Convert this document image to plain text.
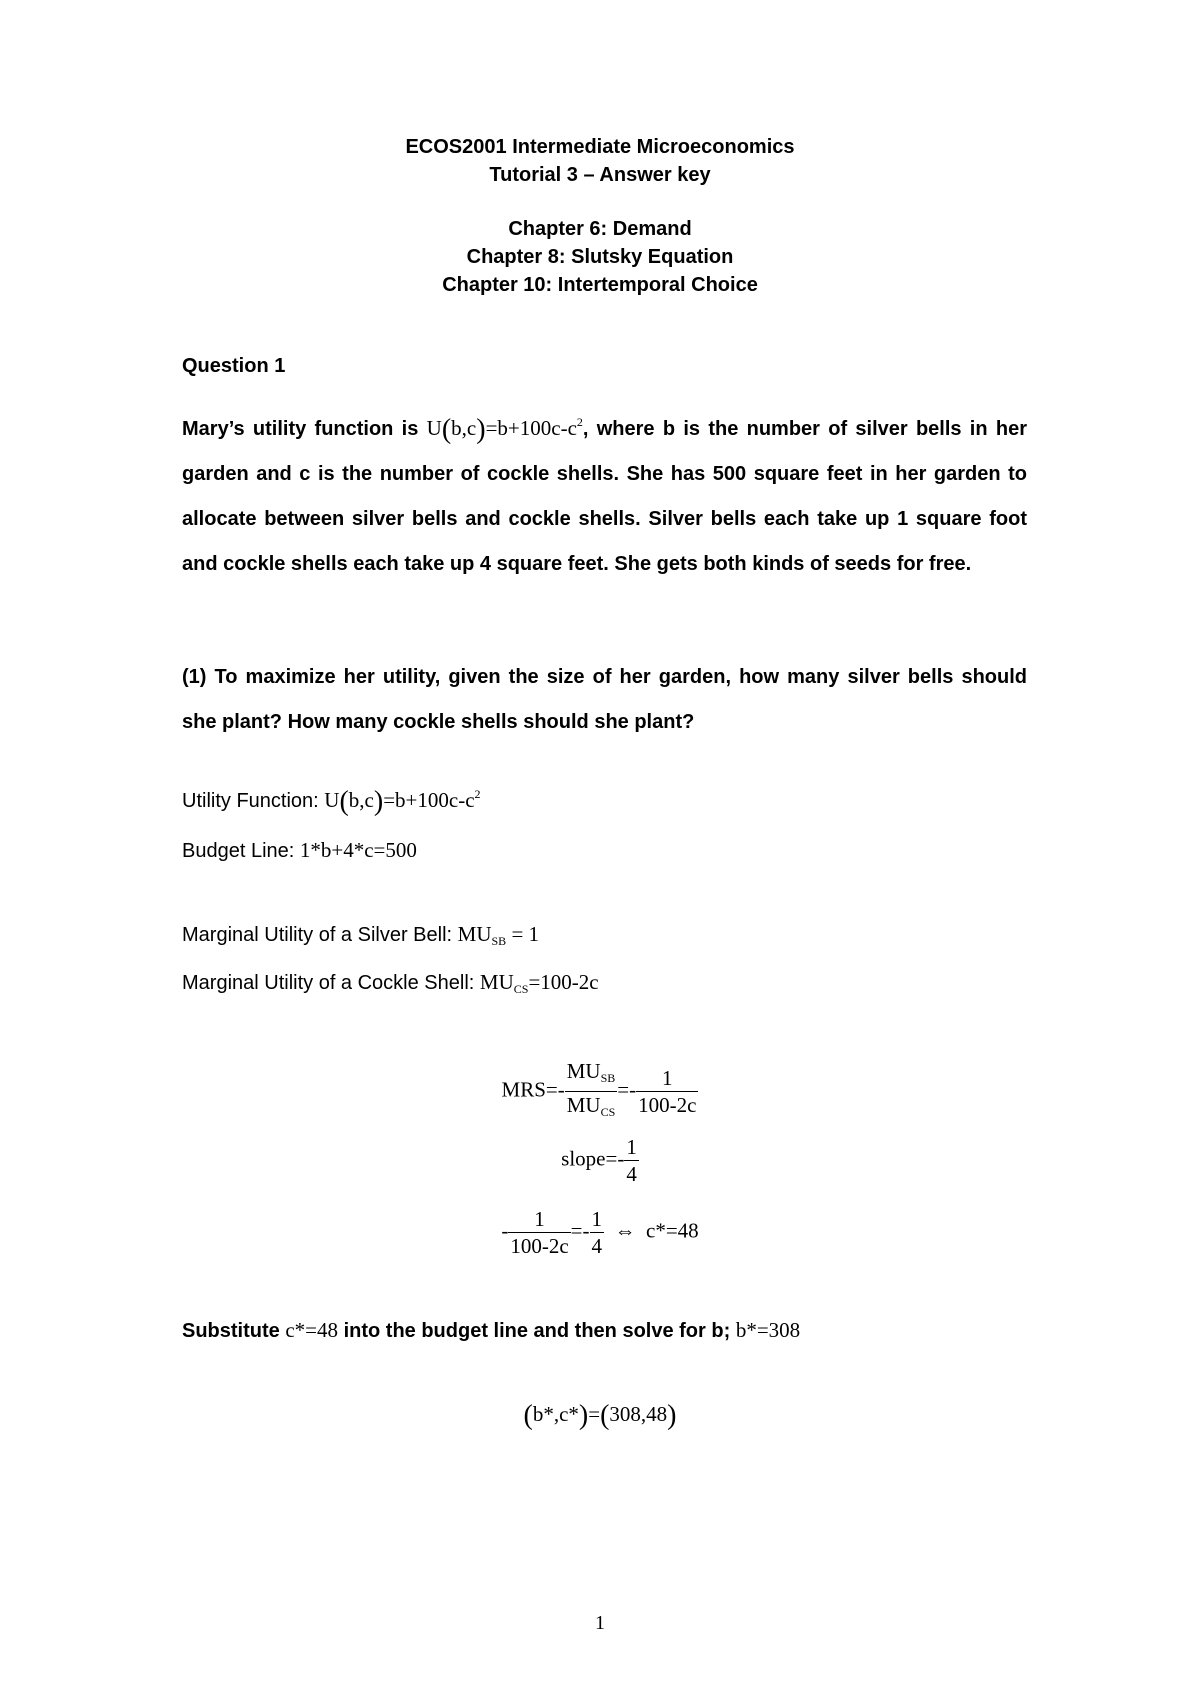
ECOS2001 Intermediate Microeconomics
Tutorial 3 – Answer key
Chapter 6: Demand
Chapter 8: Slutsky Equation
Chapter 10: Intertemporal Choice
Question 1
Mary’s utility function is $U(b,c)=b+100c-c^2$, where b is the number of silver bells in her garden and c is the number of cockle shells. She has 500 square feet in her garden to allocate between silver bells and cockle shells. Silver bells each take up 1 square foot and cockle shells each take up 4 square feet. She gets both kinds of seeds for free.
(1) To maximize her utility, given the size of her garden, how many silver bells should she plant? How many cockle shells should she plant?
Utility Function: $U(b,c)=b+100c-c^2$
Budget Line: 1*b+4*c=500
Marginal Utility of a Silver Bell: $MU_{SB} = 1$
Marginal Utility of a Cockle Shell: $MU_{CS}=100-2c$
$MRS=- \frac{MU_{SB}}{MU_{CS}} =- \frac{1}{100-2c}$
slope=- $\frac{1}{4}$
- $\frac{1}{100-2c} =- \frac{1}{4}$ ⇔ c*=48
Substitute c*=48 into the budget line and then solve for b; b*=308
(b*,c*)=(308,48)
1
